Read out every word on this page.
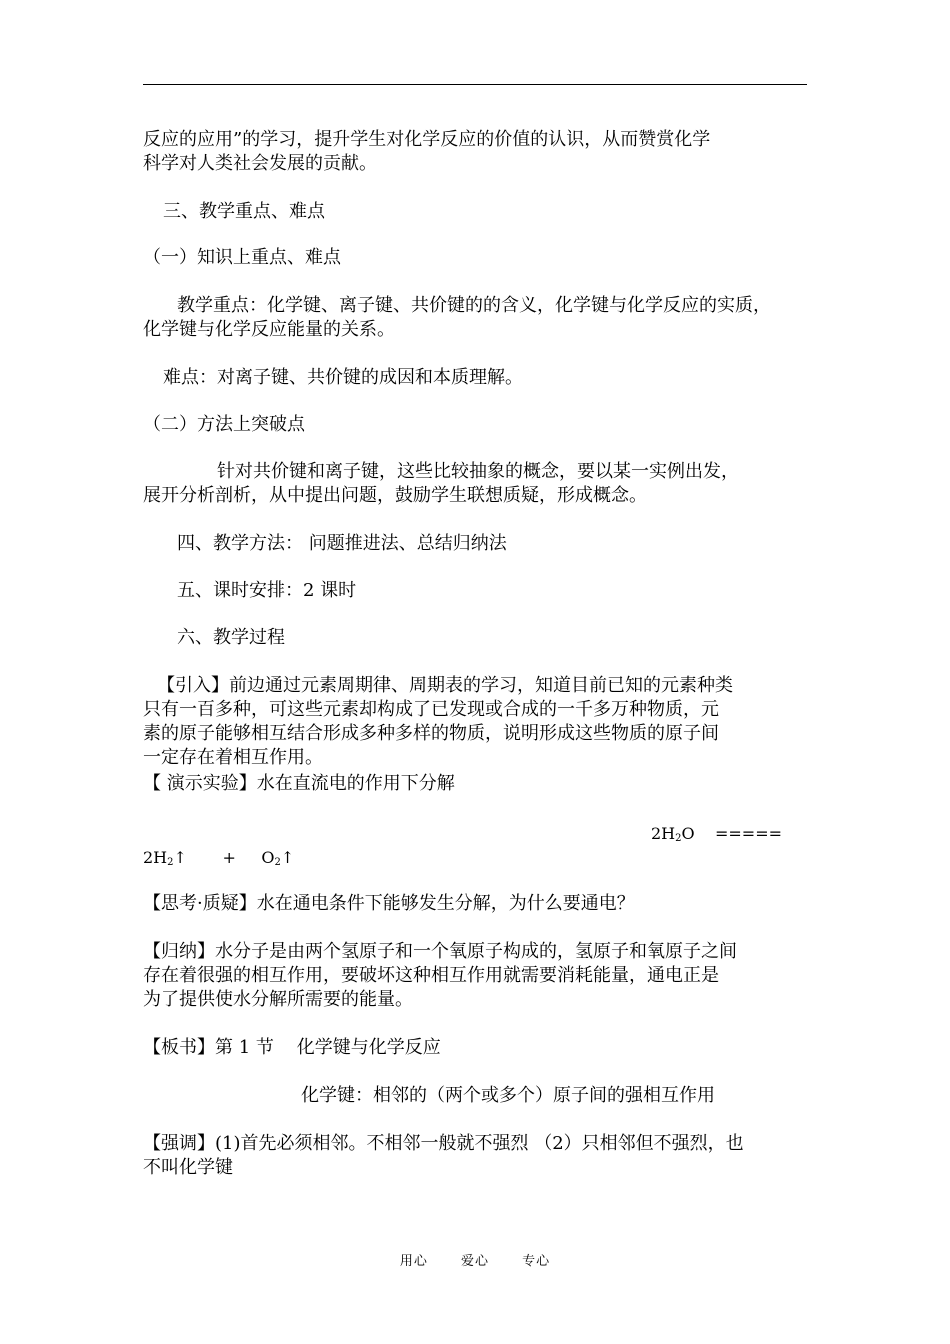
反应的应用”的学习，提升学生对化学反应的价值的认识，从而赞赏化学

科学对人类社会发展的贡献。

三、教学重点、难点

（一）知识上重点、难点

教学重点：化学键、离子键、共价键的的含义，化学键与化学反应的实质，

化学键与化学反应能量的关系。

难点：对离子键、共价键的成因和本质理解。

（二）方法上突破点

针对共价键和离子键，这些比较抽象的概念，要以某一实例出发，

展开分析剖析，从中提出问题，鼓励学生联想质疑，形成概念。

四、教学方法： 问题推进法、总结归纳法

五、课时安排：2 课时

六、教学过程

【引入】前边通过元素周期律、周期表的学习，知道目前已知的元素种类

只有一百多种，可这些元素却构成了已发现或合成的一千多万种物质，元

素的原子能够相互结合形成多种多样的物质，说明形成这些物质的原子间

一定存在着相互作用。

【 演示实验】水在直流电的作用下分解

$2H_2O$ =====

$2H_2↑$ + $O_2↑$

【思考·质疑】水在通电条件下能够发生分解，为什么要通电？

【归纳】水分子是由两个氢原子和一个氧原子构成的，氢原子和氧原子之间

存在着很强的相互作用，要破坏这种相互作用就需要消耗能量，通电正是

为了提供使水分解所需要的能量。

【板书】第 1 节    化学键与化学反应

化学键：相邻的（两个或多个）原子间的强相互作用

【强调】(1)首先必须相邻。不相邻一般就不强烈 （2）只相邻但不强烈，也

不叫化学键

用心	爱心	专心
